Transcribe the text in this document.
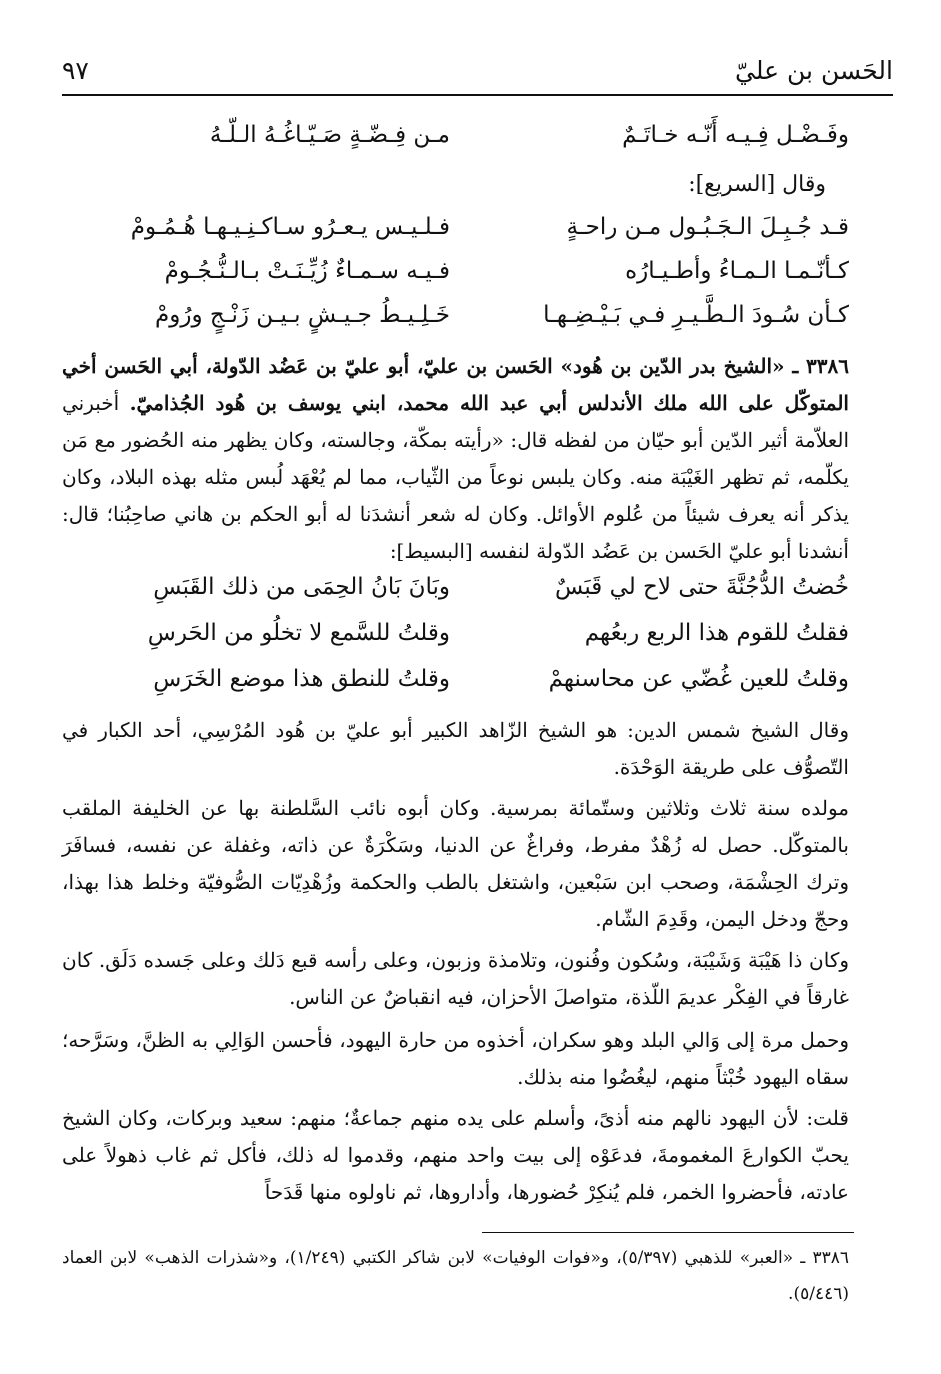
الحَسن بن عليّ
٩٧
وفَـضْـل فِـيـه أَنّـه خـاتَـمٌ
مـن فِـضّـةٍ صَـيّـاغُـهُ الـلّـهُ
وقال [السريع]:
قـد جُـبِـلَ الـجَـبُـول مـن راحـةٍ
فـلـيـس يـعـرُو سـاكـنِـيـهـا هُـمُـومْ
كـأنّـمـا الـمـاءُ وأطـيـارُه
فـيـه سـمـاءٌ زُيِّـنَـتْ بـالـنُّـجُـومْ
كـأن سُـودَ الـطَّـيـرِ فـي بَـيْـضِـهـا
خَـلِـيـطُ جـيـشٍ بـيـن زَنْـجٍ ورُومْ
٣٣٨٦ ـ «الشيخ بدر الدّين بن هُود» الحَسن بن عليّ، أبو عليّ بن عَضُد الدّولة، أبي الحَسن أخي المتوكّل على الله ملك الأندلس أبي عبد الله محمد، ابني يوسف بن هُود الجُذاميّ. أخبرني العلاّمة أثير الدّين أبو حيّان من لفظه قال: «رأيته بمكّة، وجالسته، وكان يظهر منه الحُضور مع مَن يكلّمه، ثم تظهر الغَيْبَة منه. وكان يلبس نوعاً من الثّياب، مما لم يُعْهَد لُبس مثله بهذه البلاد، وكان يذكر أنه يعرف شيئاً من عُلوم الأوائل. وكان له شعر أنشدَنا له أبو الحكم بن هاني صاحِبُنا؛ قال: أنشدنا أبو عليّ الحَسن بن عَضُد الدّولة لنفسه [البسيط]:
خُضتُ الدُّجُنَّةَ حتى لاح لي قَبَسٌ
وبَانَ بَانُ الحِمَى من ذلك القَبَسِ
فقلتُ للقوم هذا الربع ربعُهم
وقلتُ للسَّمع لا تخلُو من الحَرسِ
وقلتُ للعين غُضّي عن محاسنهمْ
وقلتُ للنطق هذا موضع الخَرَسِ
وقال الشيخ شمس الدين: هو الشيخ الزّاهد الكبير أبو عليّ بن هُود المُرْسِي، أحد الكبار في التّصوُّف على طريقة الوَحْدَة.
مولده سنة ثلاث وثلاثين وستّمائة بمرسية. وكان أبوه نائب السَّلطنة بها عن الخليفة الملقب بالمتوكّل. حصل له زُهْدٌ مفرط، وفراغٌ عن الدنيا، وسَكْرَةٌ عن ذاته، وغفلة عن نفسه، فسافَرَ وترك الحِشْمَة، وصحب ابن سَبْعين، واشتغل بالطب والحكمة وزُهْدِيّات الصُّوفيّة وخلط هذا بهذا، وحجّ ودخل اليمن، وقَدِمَ الشّام.
وكان ذا هَيْبَة وَشَيْبَة، وسُكون وفُنون، وتلامذة وزبون، وعلى رأسه قبع دَلك وعلى جَسده دَلَق. كان غارقاً في الفِكْر عديمَ اللّذة، متواصلَ الأحزان، فيه انقباضٌ عن الناس.
وحمل مرة إلى وَالي البلد وهو سكران، أخذوه من حارة اليهود، فأحسن الوَالِي به الظنَّ، وسَرَّحه؛ سقاه اليهود خُبْثاً منهم، ليغُضُوا منه بذلك.
قلت: لأن اليهود نالهم منه أذىً، وأسلم على يده منهم جماعةٌ؛ منهم: سعيد وبركات، وكان الشيخ يحبّ الكوارعَ المغمومةَ، فدعَوْه إلى بيت واحد منهم، وقدموا له ذلك، فأكل ثم غاب ذهولاً على عادته، فأحضروا الخمر، فلم يُنكِرْ حُضورها، وأداروها، ثم ناولوه منها قَدَحاً
٣٣٨٦ ـ «العبر» للذهبي (٥/٣٩٧)، و«فوات الوفيات» لابن شاكر الكتبي (١/٢٤٩)، و«شذرات الذهب» لابن العماد (٥/٤٤٦).
